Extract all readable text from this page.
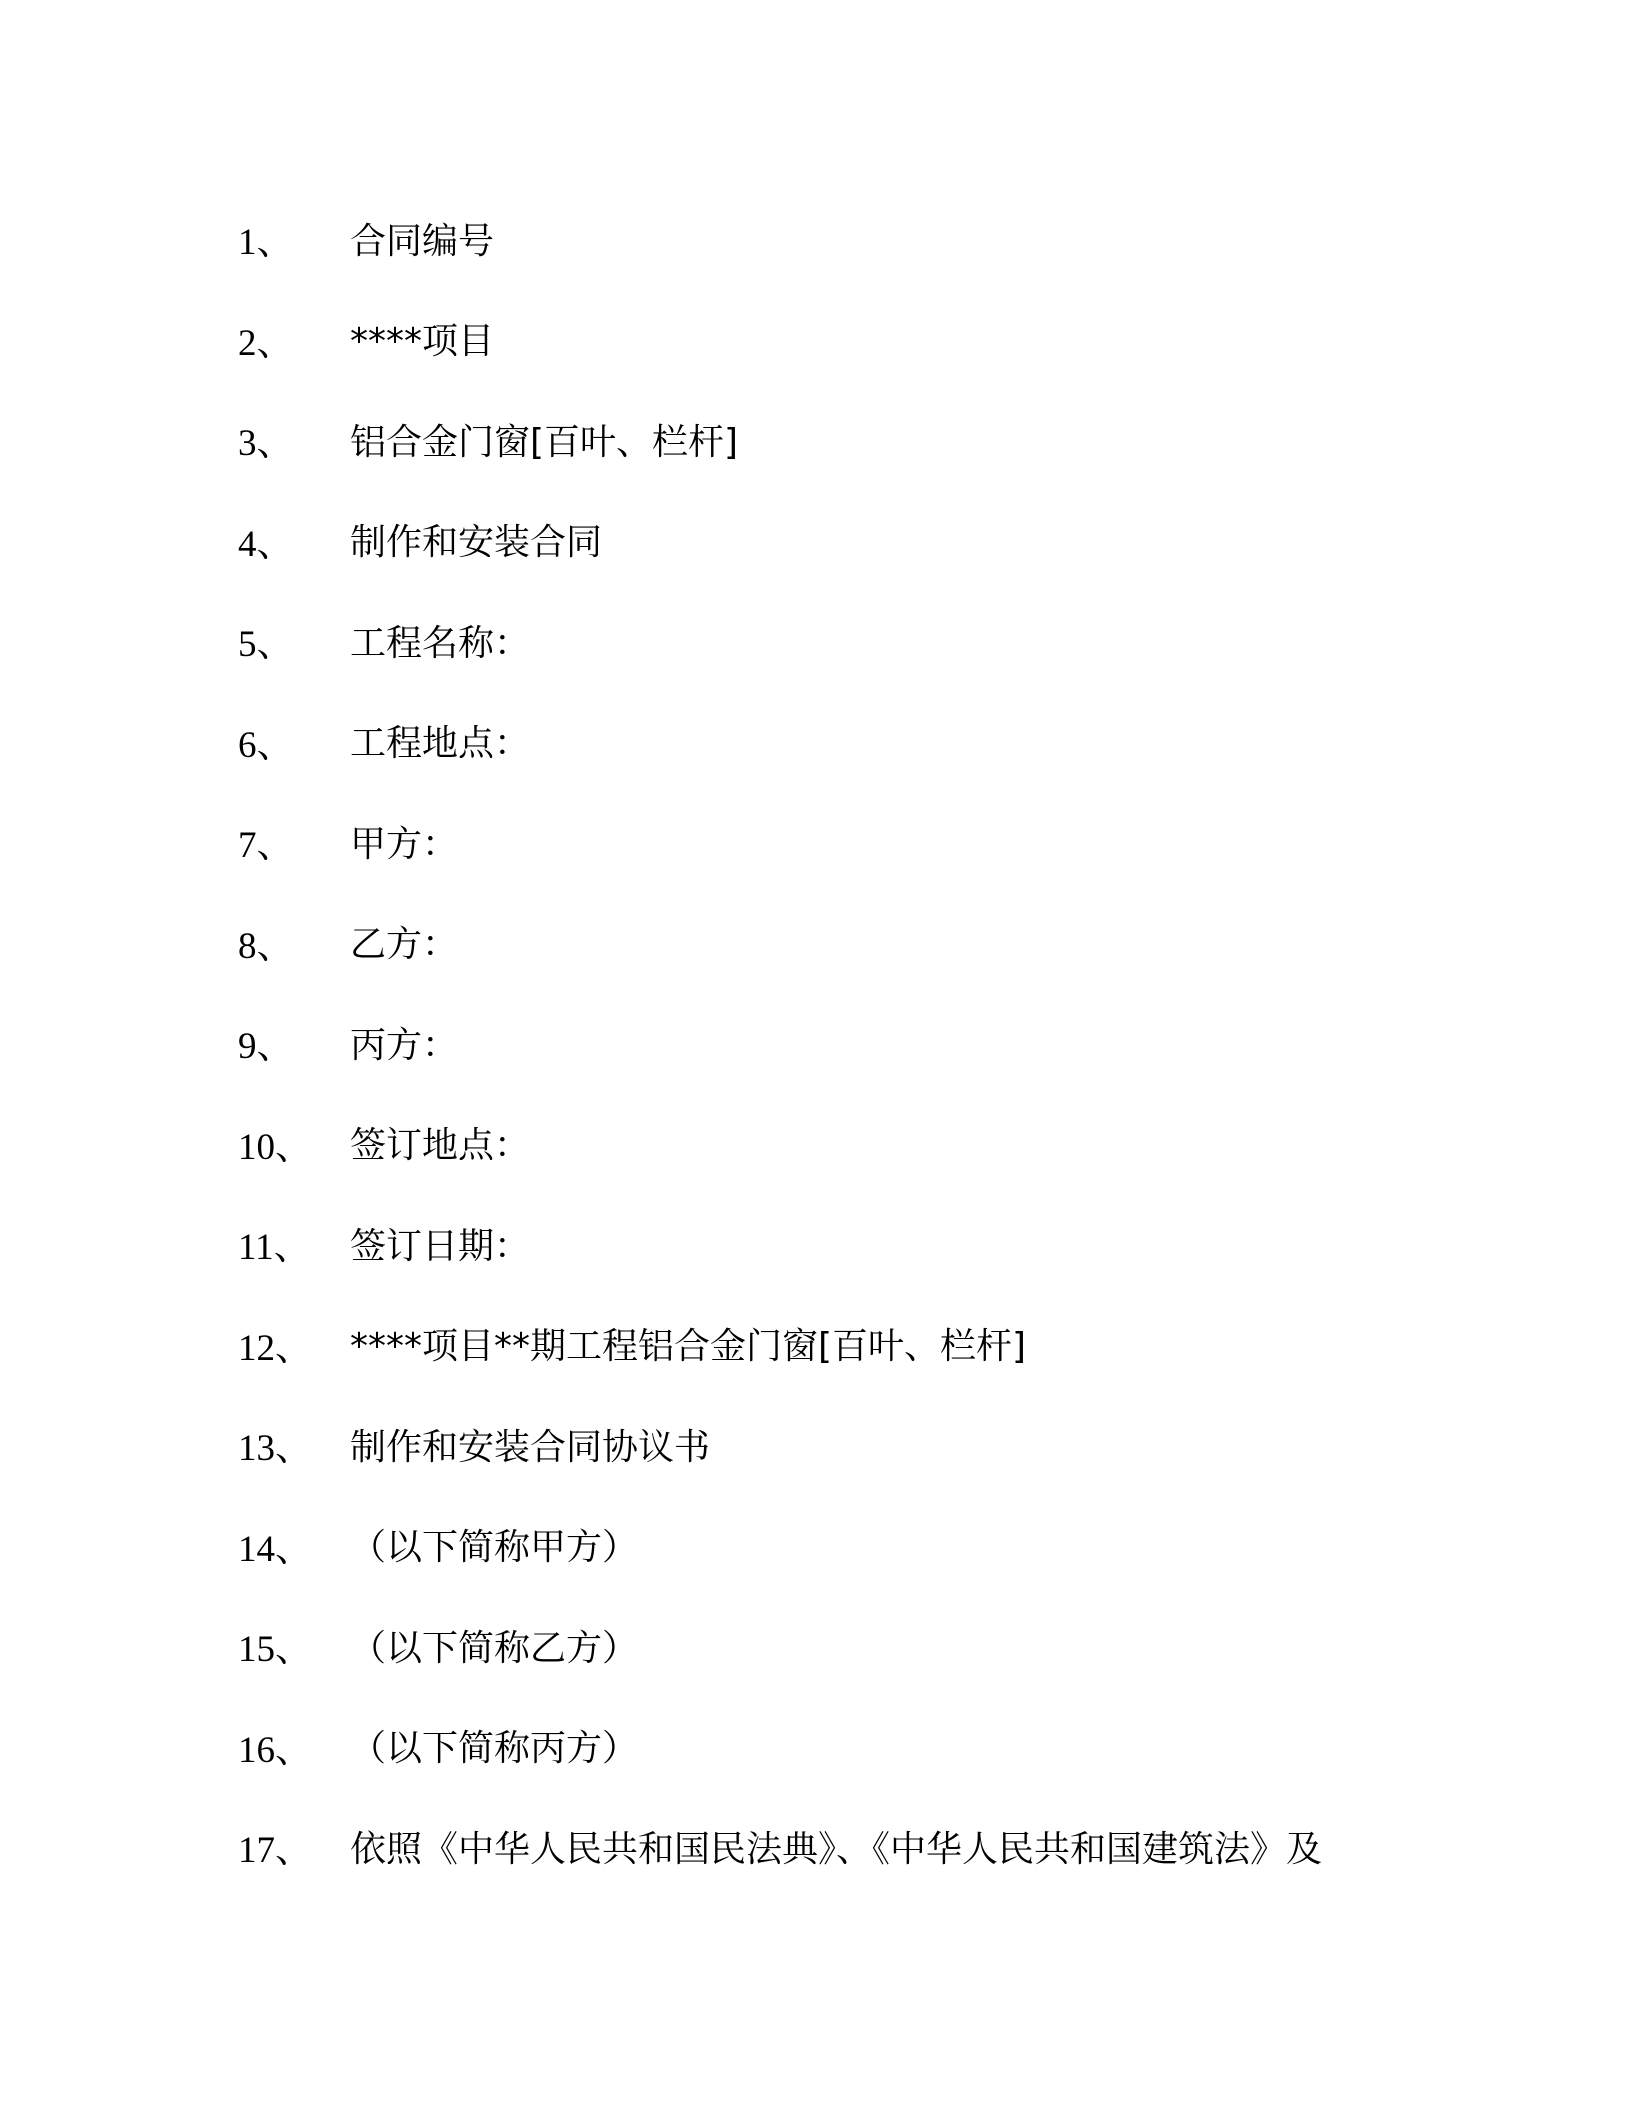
1、	合同编号
2、	****项目
3、	铝合金门窗[百叶、栏杆]
4、	制作和安装合同
5、	工程名称：
6、	工程地点：
7、	甲方：
8、	乙方：
9、	丙方：
10、	签订地点：
11、	签订日期：
12、	****项目**期工程铝合金门窗[百叶、栏杆]
13、	制作和安装合同协议书
14、	（以下简称甲方）
15、	（以下简称乙方）
16、	（以下简称丙方）
17、	依照《中华人民共和国民法典》、《中华人民共和国建筑法》及
